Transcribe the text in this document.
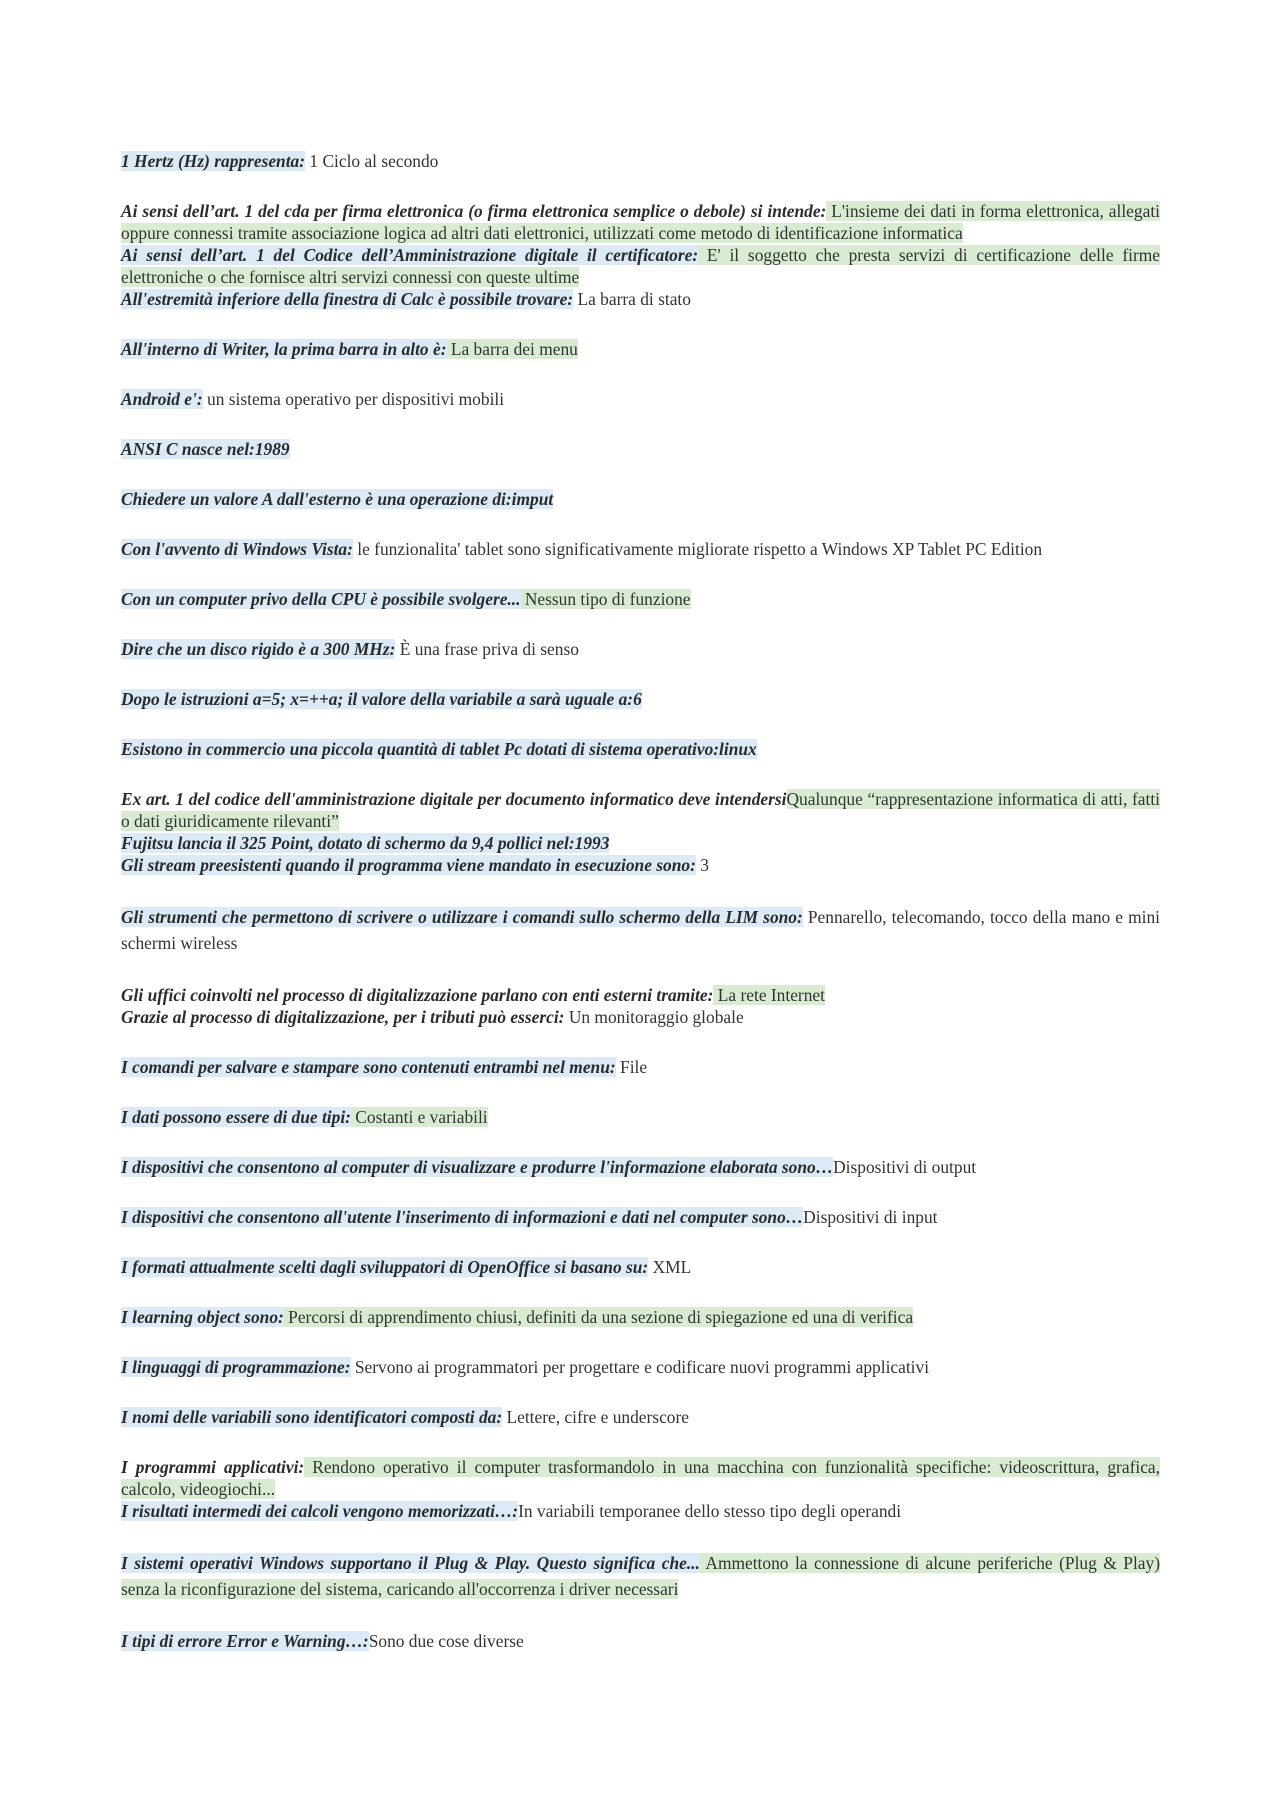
1 Hertz (Hz) rappresenta: 1 Ciclo al secondo
Ai sensi dell’art. 1 del cda per firma elettronica (o firma elettronica semplice o debole) si intende: L'insieme dei dati in forma elettronica, allegati oppure connessi tramite associazione logica ad altri dati elettronici, utilizzati come metodo di identificazione informatica
Ai sensi dell’art. 1 del Codice dell’Amministrazione digitale il certificatore: E' il soggetto che presta servizi di certificazione delle firme elettroniche o che fornisce altri servizi connessi con queste ultime
All'estremità inferiore della finestra di Calc è possibile trovare: La barra di stato
All'interno di Writer, la prima barra in alto è: La barra dei menu
Android e': un sistema operativo per dispositivi mobili
ANSI C nasce nel:1989
Chiedere un valore A dall'esterno è una operazione di:imput
Con l'avvento di Windows Vista: le funzionalita' tablet sono significativamente migliorate rispetto a Windows XP Tablet PC Edition
Con un computer privo della CPU è possibile svolgere... Nessun tipo di funzione
Dire che un disco rigido è a 300 MHz: È una frase priva di senso
Dopo le istruzioni a=5; x=++a; il valore della variabile a sarà uguale a:6
Esistono in commercio una piccola quantità di tablet Pc dotati di sistema operativo:linux
Ex art. 1 del codice dell'amministrazione digitale per documento informatico deve intendersiQualunque “rappresentazione informatica di atti, fatti o dati giuridicamente rilevanti”
Fujitsu lancia il 325 Point, dotato di schermo da 9,4 pollici nel:1993
Gli stream preesistenti quando il programma viene mandato in esecuzione sono: 3
Gli strumenti che permettono di scrivere o utilizzare i comandi sullo schermo della LIM sono: Pennarello, telecomando, tocco della mano e mini schermi wireless
Gli uffici coinvolti nel processo di digitalizzazione parlano con enti esterni tramite: La rete Internet
Grazie al processo di digitalizzazione, per i tributi può esserci: Un monitoraggio globale
I comandi per salvare e stampare sono contenuti entrambi nel menu: File
I dati possono essere di due tipi: Costanti e variabili
I dispositivi che consentono al computer di visualizzare e produrre l'informazione elaborata sono…Dispositivi di output
I dispositivi che consentono all'utente l'inserimento di informazioni e dati nel computer sono…Dispositivi di input
I formati attualmente scelti dagli sviluppatori di OpenOffice si basano su: XML
I learning object sono: Percorsi di apprendimento chiusi, definiti da una sezione di spiegazione ed una di verifica
I linguaggi di programmazione: Servono ai programmatori per progettare e codificare nuovi programmi applicativi
I nomi delle variabili sono identificatori composti da: Lettere, cifre e underscore
I programmi applicativi: Rendono operativo il computer trasformandolo in una macchina con funzionalità specifiche: videoscrittura, grafica, calcolo, videogiochi...
I risultati intermedi dei calcoli vengono memorizzati…:In variabili temporanee dello stesso tipo degli operandi
I sistemi operativi Windows supportano il Plug & Play. Questo significa che... Ammettono la connessione di alcune periferiche (Plug & Play) senza la riconfigurazione del sistema, caricando all'occorrenza i driver necessari
I tipi di errore Error e Warning…:Sono due cose diverse
